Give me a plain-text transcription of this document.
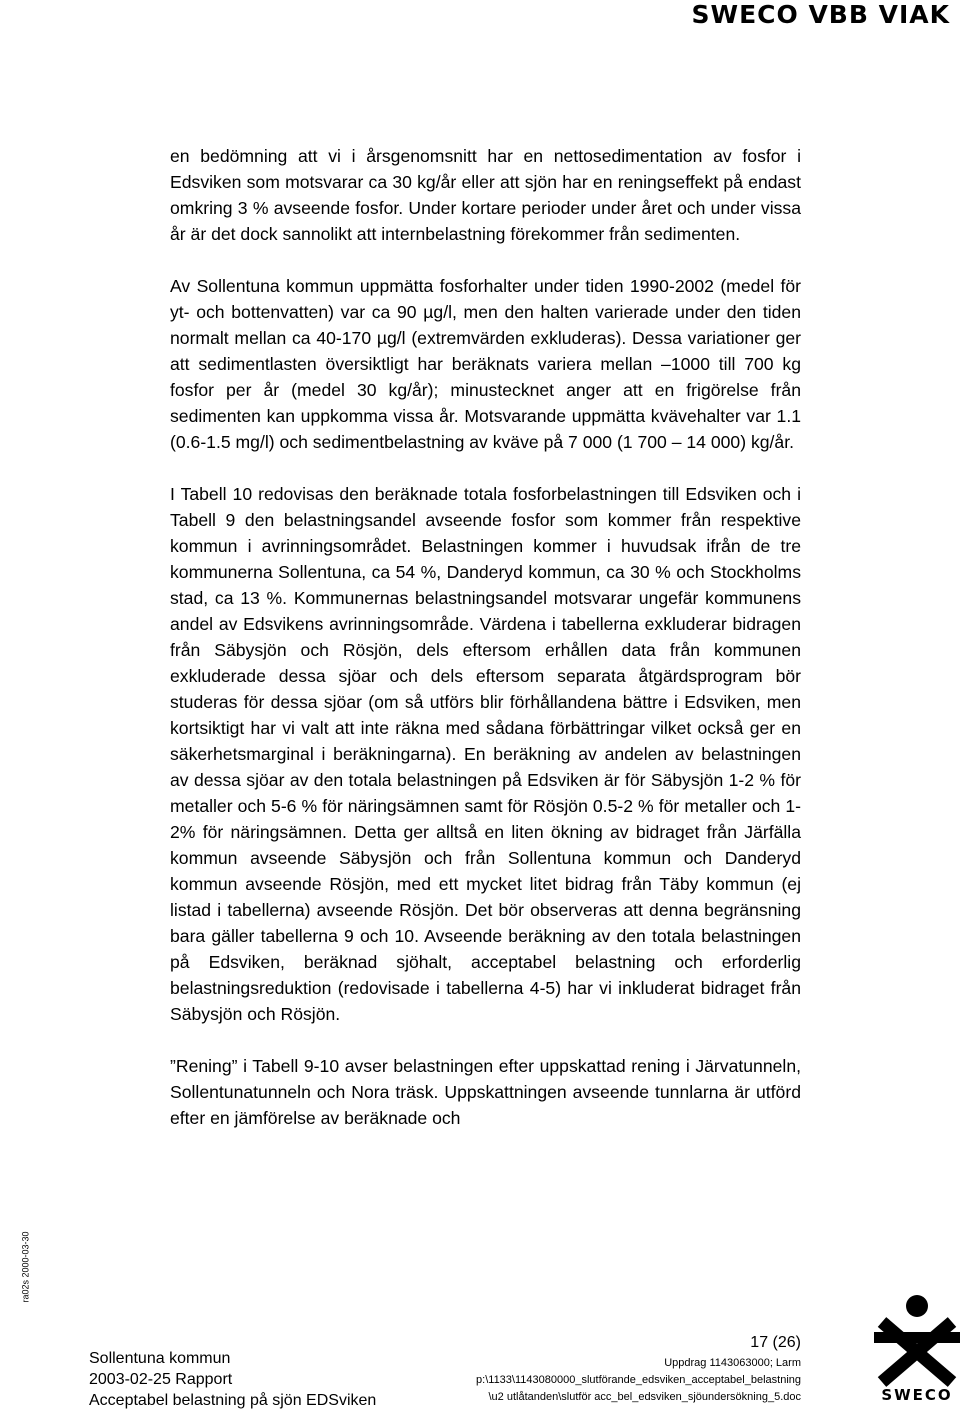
SWECO VBB VIAK

en bedömning att vi i årsgenomsnitt har en nettosedimentation av fosfor i Edsviken som motsvarar ca 30 kg/år eller att sjön har en reningseffekt på endast omkring 3 % avseende fosfor. Under kortare perioder under året och under vissa år är det dock sannolikt att internbelastning förekommer från sedimenten.

Av Sollentuna kommun uppmätta fosforhalter under tiden 1990-2002 (medel för yt- och bottenvatten) var ca 90 µg/l, men den halten varierade under den tiden normalt mellan ca 40-170 µg/l (extremvärden exkluderas). Dessa variationer ger att sedimentlasten översiktligt har beräknats variera mellan –1000 till 700 kg fosfor per år (medel 30 kg/år); minustecknet anger att en frigörelse från sedimenten kan uppkomma vissa år. Motsvarande uppmätta kvävehalter var 1.1 (0.6-1.5 mg/l) och sedimentbelastning av kväve på 7 000 (1 700 – 14 000) kg/år.

I Tabell 10 redovisas den beräknade totala fosforbelastningen till Edsviken och i Tabell 9 den belastningsandel avseende fosfor som kommer från respektive kommun i avrinningsområdet. Belastningen kommer i huvudsak ifrån de tre kommunerna Sollentuna, ca 54 %, Danderyd kommun, ca 30 % och Stockholms stad, ca 13 %. Kommunernas belastningsandel motsvarar ungefär kommunens andel av Edsvikens avrinningsområde. Värdena i tabellerna exkluderar bidragen från Säbysjön och Rösjön, dels eftersom erhållen data från kommunen exkluderade dessa sjöar och dels eftersom separata åtgärdsprogram bör studeras för dessa sjöar (om så utförs blir förhållandena bättre i Edsviken, men kortsiktigt har vi valt att inte räkna med sådana förbättringar vilket också ger en säkerhetsmarginal i beräkningarna). En beräkning av andelen av belastningen av dessa sjöar av den totala belastningen på Edsviken är för Säbysjön 1-2 % för metaller och 5-6 % för näringsämnen samt för Rösjön 0.5-2 % för metaller och 1-2% för näringsämnen. Detta ger alltså en liten ökning av bidraget från Järfälla kommun avseende Säbysjön och från Sollentuna kommun och Danderyd kommun avseende Rösjön, med ett mycket litet bidrag från Täby kommun (ej listad i tabellerna) avseende Rösjön. Det bör observeras att denna begränsning bara gäller tabellerna 9 och 10. Avseende beräkning av den totala belastningen på Edsviken, beräknad sjöhalt, acceptabel belastning och erforderlig belastningsreduktion (redovisade i tabellerna 4-5) har vi inkluderat bidraget från Säbysjön och Rösjön.

”Rening” i Tabell 9-10 avser belastningen efter uppskattad rening i Järvatunneln, Sollentunatunneln och Nora träsk. Uppskattningen avseende tunnlarna är utförd efter en jämförelse av beräknade och

ra02s 2000-03-30
Sollentuna kommun
2003-02-25 Rapport
Acceptabel belastning på sjön EDSviken
17 (26)
Uppdrag 1143063000; Larm
p:\1133\1143080000_slutförande_edsviken_acceptabel_belastning
\u2 utlåtanden\slutför acc_bel_edsviken_sjöundersökning_5.doc	SWECO
